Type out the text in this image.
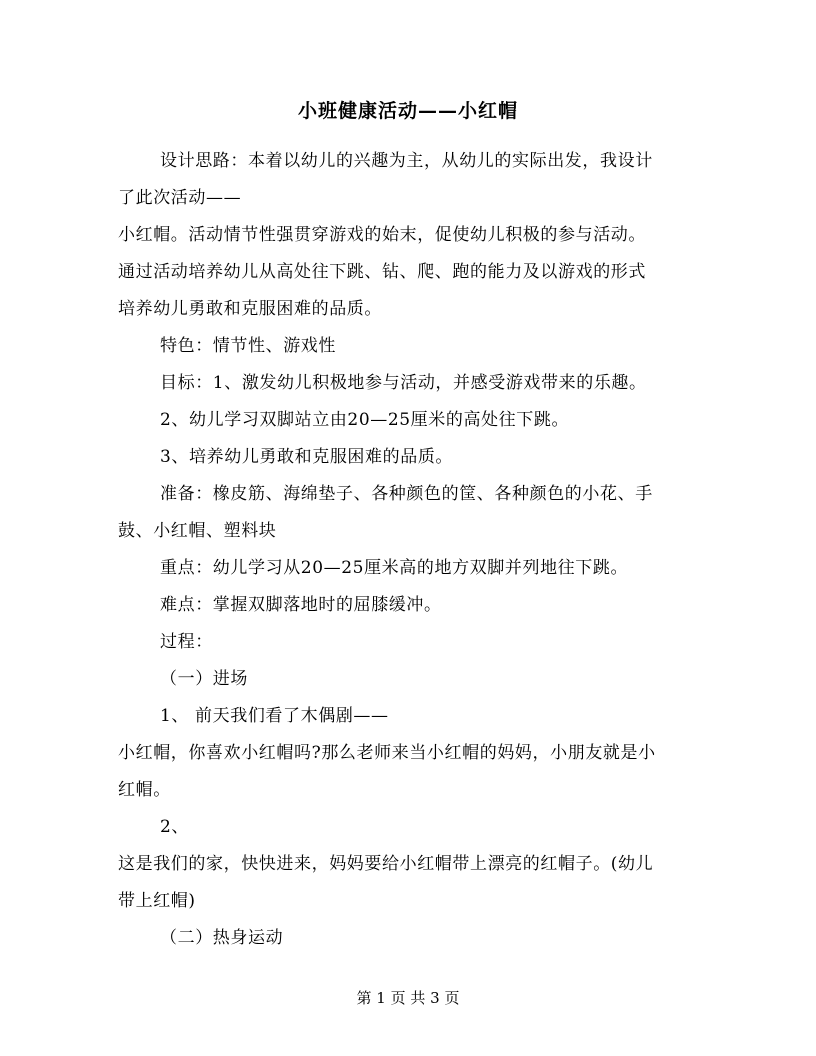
小班健康活动——小红帽
设计思路：本着以幼儿的兴趣为主，从幼儿的实际出发，我设计
了此次活动——
小红帽。活动情节性强贯穿游戏的始末，促使幼儿积极的参与活动。
通过活动培养幼儿从高处往下跳、钻、爬、跑的能力及以游戏的形式
培养幼儿勇敢和克服困难的品质。
特色：情节性、游戏性
目标：1、激发幼儿积极地参与活动，并感受游戏带来的乐趣。
2、幼儿学习双脚站立由20—25厘米的高处往下跳。
3、培养幼儿勇敢和克服困难的品质。
准备：橡皮筋、海绵垫子、各种颜色的筐、各种颜色的小花、手
鼓、小红帽、塑料块
重点：幼儿学习从20—25厘米高的地方双脚并列地往下跳。
难点：掌握双脚落地时的屈膝缓冲。
过程：
（一）进场
1、 前天我们看了木偶剧——
小红帽，你喜欢小红帽吗?那么老师来当小红帽的妈妈，小朋友就是小
红帽。
2、
这是我们的家，快快进来，妈妈要给小红帽带上漂亮的红帽子。(幼儿
带上红帽)
（二）热身运动
第 1 页 共 3 页
